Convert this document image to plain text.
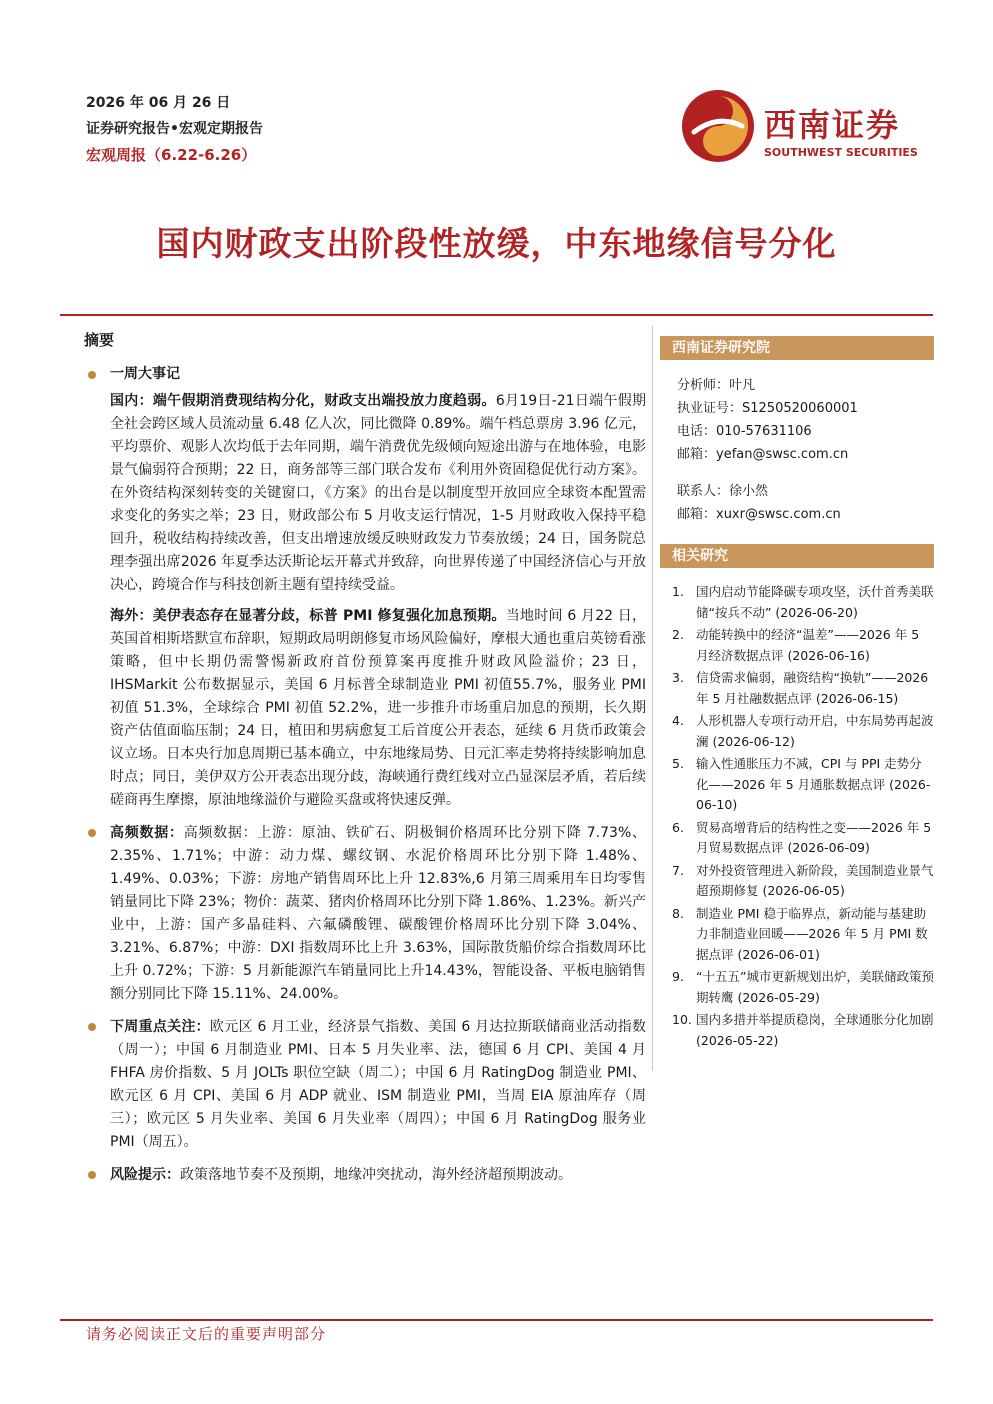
2026 年 06 月 26 日
证券研究报告•宏观定期报告
宏观周报（6.22-6.26）
西南证券
SOUTHWEST SECURITIES
国内财政支出阶段性放缓，中东地缘信号分化
摘要
一周大事记

国内：端午假期消费现结构分化，财政支出端投放力度趋弱。6月19日-21日端午假期全社会跨区域人员流动量 6.48 亿人次，同比微降 0.89%。端午档总票房 3.96 亿元，平均票价、观影人次均低于去年同期，端午消费优先级倾向短途出游与在地体验，电影景气偏弱符合预期；22 日，商务部等三部门联合发布《利用外资固稳促优行动方案》。在外资结构深刻转变的关键窗口，《方案》的出台是以制度型开放回应全球资本配置需求变化的务实之举；23 日，财政部公布 5 月收支运行情况，1-5 月财政收入保持平稳回升，税收结构持续改善，但支出增速放缓反映财政发力节奏放缓；24 日，国务院总理李强出席2026 年夏季达沃斯论坛开幕式并致辞，向世界传递了中国经济信心与开放决心，跨境合作与科技创新主题有望持续受益。

海外：美伊表态存在显著分歧，标普 PMI 修复强化加息预期。当地时间 6 月22 日，英国首相斯塔默宣布辞职，短期政局明朗修复市场风险偏好，摩根大通也重启英镑看涨策略，但中长期仍需警惕新政府首份预算案再度推升财政风险溢价；23 日，IHSMarkit 公布数据显示，美国 6 月标普全球制造业 PMI 初值55.7%，服务业 PMI 初值 51.3%，全球综合 PMI 初值 52.2%，进一步推升市场重启加息的预期，长久期资产估值面临压制；24 日，植田和男病愈复工后首度公开表态，延续 6 月货币政策会议立场。日本央行加息周期已基本确立，中东地缘局势、日元汇率走势将持续影响加息时点；同日，美伊双方公开表态出现分歧，海峡通行费红线对立凸显深层矛盾，若后续磋商再生摩擦，原油地缘溢价与避险买盘或将快速反弹。

高频数据：高频数据：上游：原油、铁矿石、阴极铜价格周环比分别下降 7.73%、2.35%、1.71%；中游：动力煤、螺纹钢、水泥价格周环比分别下降 1.48%、1.49%、0.03%；下游：房地产销售周环比上升 12.83%,6 月第三周乘用车日均零售销量同比下降 23%；物价：蔬菜、猪肉价格周环比分别下降 1.86%、1.23%。新兴产业中，上游：国产多晶硅料、六氟磷酸锂、碳酸锂价格周环比分别下降 3.04%、3.21%、6.87%；中游：DXI 指数周环比上升 3.63%，国际散货船价综合指数周环比上升 0.72%；下游：5 月新能源汽车销量同比上升14.43%，智能设备、平板电脑销售额分别同比下降 15.11%、24.00%。

下周重点关注：欧元区 6 月工业，经济景气指数、美国 6 月达拉斯联储商业活动指数（周一）；中国 6 月制造业 PMI、日本 5 月失业率、法，德国 6 月 CPI、美国 4 月 FHFA 房价指数、5 月 JOLTs 职位空缺（周二）；中国 6 月 RatingDog 制造业 PMI、欧元区 6 月 CPI、美国 6 月 ADP 就业、ISM 制造业 PMI，当周 EIA 原油库存（周三）；欧元区 5 月失业率、美国 6 月失业率（周四）；中国 6 月 RatingDog 服务业 PMI（周五）。

风险提示：政策落地节奏不及预期，地缘冲突扰动，海外经济超预期波动。

西南证券研究院
分析师：叶凡
执业证号：S1250520060001
电话：010-57631106
邮箱：yefan@swsc.com.cn
联系人：徐小然
邮箱：xuxr@swsc.com.cn
相关研究
1. 国内启动节能降碳专项攻坚，沃什首秀美联储“按兵不动” (2026-06-20)
2. 动能转换中的经济“温差”——2026 年 5 月经济数据点评 (2026-06-16)
3. 信贷需求偏弱，融资结构“换轨”——2026 年 5 月社融数据点评 (2026-06-15)
4. 人形机器人专项行动开启，中东局势再起波澜 (2026-06-12)
5. 输入性通胀压力不减，CPI 与 PPI 走势分化——2026 年 5 月通胀数据点评 (2026-06-10)
6. 贸易高增背后的结构性之变——2026 年 5 月贸易数据点评 (2026-06-09)
7. 对外投资管理进入新阶段，美国制造业景气超预期修复 (2026-06-05)
8. 制造业 PMI 稳于临界点，新动能与基建助力非制造业回暖——2026 年 5 月 PMI 数据点评 (2026-06-01)
9. “十五五”城市更新规划出炉，美联储政策预期转鹰 (2026-05-29)
10. 国内多措并举提质稳岗，全球通胀分化加剧 (2026-05-22)
请务必阅读正文后的重要声明部分
